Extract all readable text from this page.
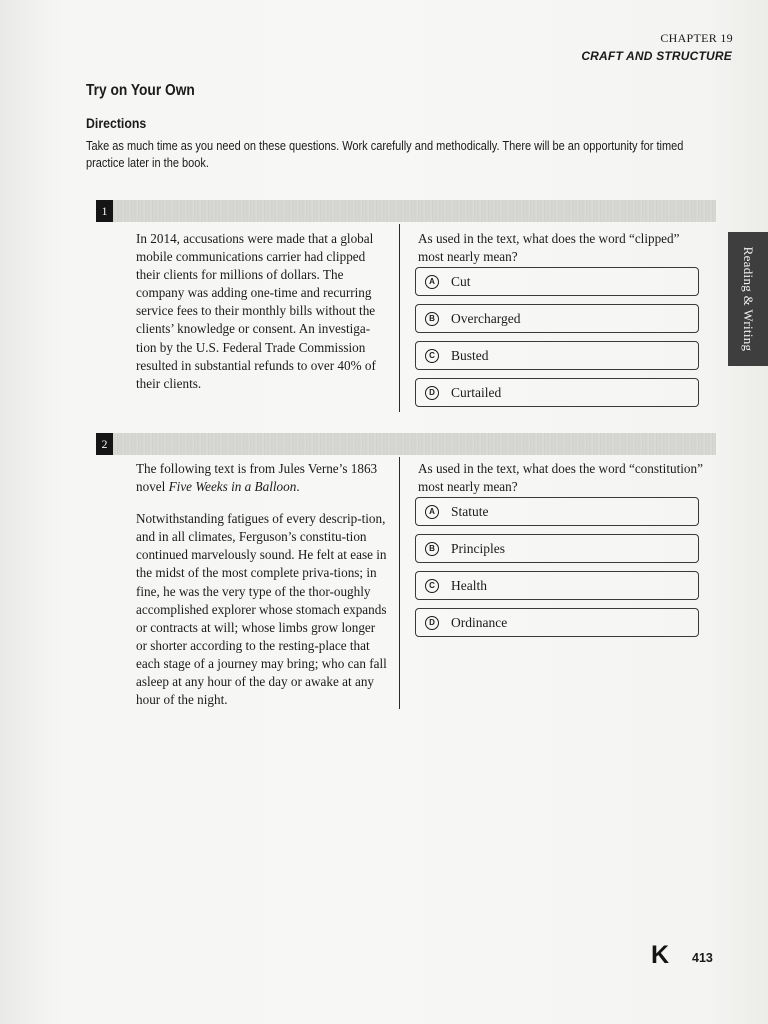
CHAPTER 19
CRAFT AND STRUCTURE
Try on Your Own
Directions
Take as much time as you need on these questions. Work carefully and methodically. There will be an opportunity for timed practice later in the book.
1

In 2014, accusations were made that a global mobile communications carrier had clipped their clients for millions of dollars. The company was adding one-time and recurring service fees to their monthly bills without the clients’ knowledge or consent. An investiga-tion by the U.S. Federal Trade Commission resulted in substantial refunds to over 40% of their clients.

As used in the text, what does the word “clipped” most nearly mean?
A	Cut
B	Overcharged
C	Busted
D	Curtailed
2

The following text is from Jules Verne’s 1863 novel Five Weeks in a Balloon.

Notwithstanding fatigues of every descrip-tion, and in all climates, Ferguson’s constitu-tion continued marvelously sound. He felt at ease in the midst of the most complete priva-tions; in fine, he was the very type of the thor-oughly accomplished explorer whose stomach expands or contracts at will; whose limbs grow longer or shorter according to the resting-place that each stage of a journey may bring; who can fall asleep at any hour of the day or awake at any hour of the night.

As used in the text, what does the word “constitution” most nearly mean?
A	Statute
B	Principles
C	Health
D	Ordinance
Reading & Writing
K 413
